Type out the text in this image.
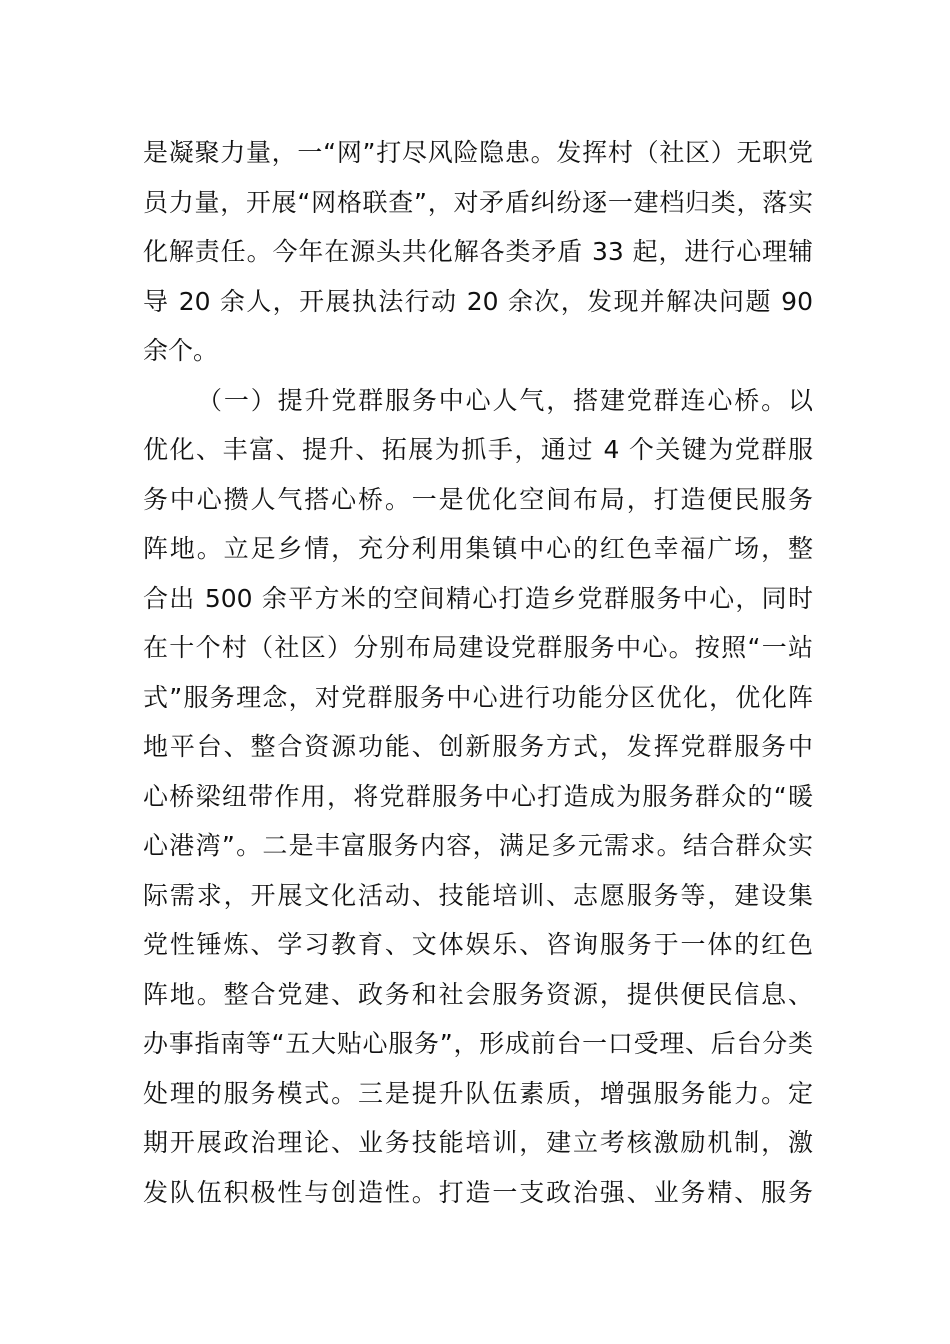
是凝聚力量，一“网”打尽风险隐患。发挥村（社区）无职党
员力量，开展“网格联查”，对矛盾纠纷逐一建档归类，落实
化解责任。今年在源头共化解各类矛盾 33 起，进行心理辅
导 20 余人，开展执法行动 20 余次，发现并解决问题 90
余个。
（一）提升党群服务中心人气，搭建党群连心桥。以
优化、丰富、提升、拓展为抓手，通过 4 个关键为党群服
务中心攒人气搭心桥。一是优化空间布局，打造便民服务
阵地。立足乡情，充分利用集镇中心的红色幸福广场，整
合出 500 余平方米的空间精心打造乡党群服务中心，同时
在十个村（社区）分别布局建设党群服务中心。按照“一站
式”服务理念，对党群服务中心进行功能分区优化，优化阵
地平台、整合资源功能、创新服务方式，发挥党群服务中
心桥梁纽带作用，将党群服务中心打造成为服务群众的“暖
心港湾”。二是丰富服务内容，满足多元需求。结合群众实
际需求，开展文化活动、技能培训、志愿服务等，建设集
党性锤炼、学习教育、文体娱乐、咨询服务于一体的红色
阵地。整合党建、政务和社会服务资源，提供便民信息、
办事指南等“五大贴心服务”，形成前台一口受理、后台分类
处理的服务模式。三是提升队伍素质，增强服务能力。定
期开展政治理论、业务技能培训，建立考核激励机制，激
发队伍积极性与创造性。打造一支政治强、业务精、服务
